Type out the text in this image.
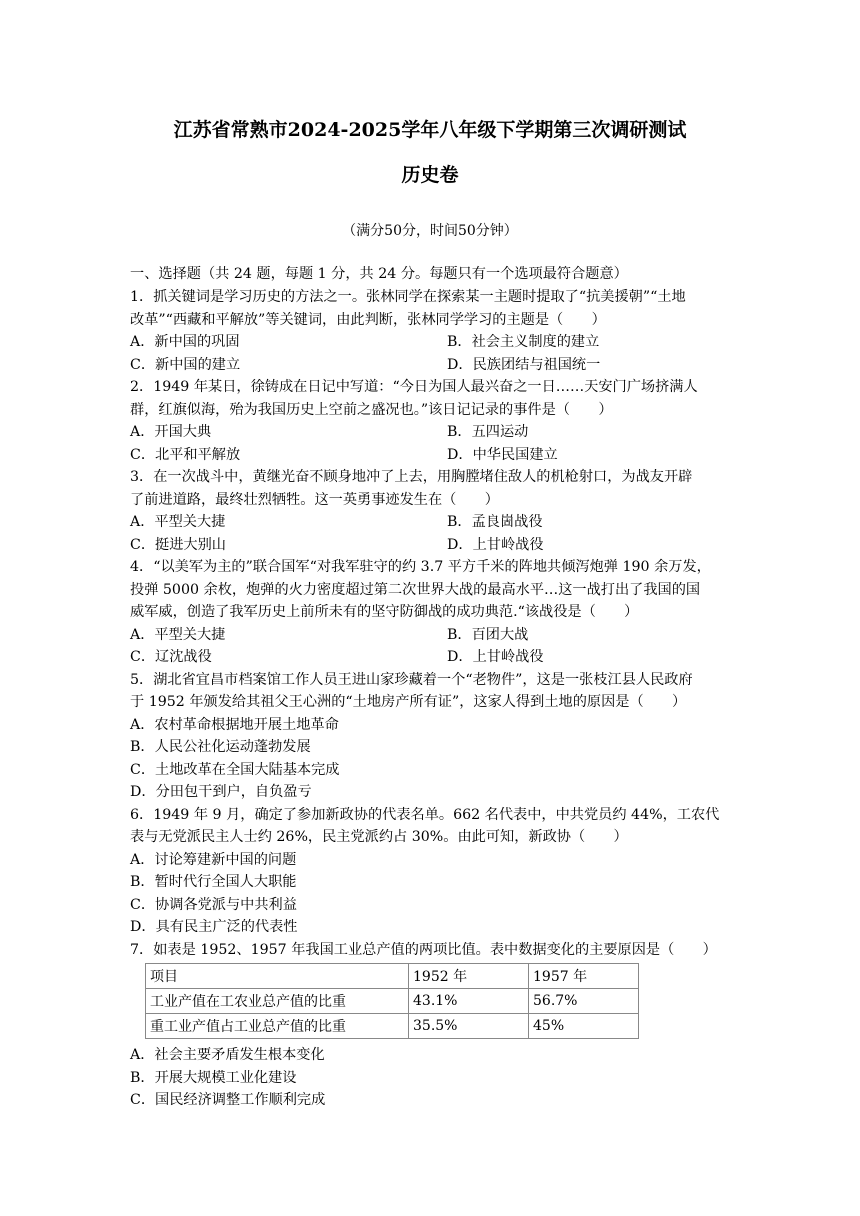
江苏省常熟市2024-2025学年八年级下学期第三次调研测试
历史卷
（满分50分，时间50分钟）
一、选择题（共 24 题，每题 1 分，共 24 分。每题只有一个选项最符合题意）
1．抓关键词是学习历史的方法之一。张林同学在探索某一主题时提取了“抗美援朝”“土地
改革”“西藏和平解放”等关键词，由此判断，张林同学学习的主题是（　　）
A．新中国的巩固	B．社会主义制度的建立
C．新中国的建立	D．民族团结与祖国统一
2．1949 年某日，徐铸成在日记中写道：“今日为国人最兴奋之一日……天安门广场挤满人
群，红旗似海，殆为我国历史上空前之盛况也。”该日记记录的事件是（　　）
A．开国大典	B．五四运动
C．北平和平解放	D．中华民国建立
3．在一次战斗中，黄继光奋不顾身地冲了上去，用胸膛堵住敌人的机枪射口，为战友开辟
了前进道路，最终壮烈牺牲。这一英勇事迹发生在（　　）
A．平型关大捷	B．孟良崮战役
C．挺进大别山	D．上甘岭战役
4．“以美军为主的”联合国军“对我军驻守的约 3.7 平方千米的阵地共倾泻炮弹 190 余万发，
投弹 5000 余枚，炮弹的火力密度超过第二次世界大战的最高水平…这一战打出了我国的国
威军威，创造了我军历史上前所未有的坚守防御战的成功典范.“该战役是（　　）
A．平型关大捷	B．百团大战
C．辽沈战役	D．上甘岭战役
5．湖北省宜昌市档案馆工作人员王进山家珍藏着一个“老物件”，这是一张枝江县人民政府
于 1952 年颁发给其祖父王心洲的“土地房产所有证”，这家人得到土地的原因是（　　）
A．农村革命根据地开展土地革命
B．人民公社化运动蓬勃发展
C．土地改革在全国大陆基本完成
D．分田包干到户，自负盈亏
6．1949 年 9 月，确定了参加新政协的代表名单。662 名代表中，中共党员约 44%，工农代
表与无党派民主人士约 26%，民主党派约占 30%。由此可知，新政协（　　）
A．讨论筹建新中国的问题
B．暂时代行全国人大职能
C．协调各党派与中共利益
D．具有民主广泛的代表性
7．如表是 1952、1957 年我国工业总产值的两项比值。表中数据变化的主要原因是（　　）
项目	1952 年	1957 年
工业产值在工农业总产值的比重	43.1%	56.7%
重工业产值占工业总产值的比重	35.5%	45%
A．社会主要矛盾发生根本变化
B．开展大规模工业化建设
C．国民经济调整工作顺利完成
